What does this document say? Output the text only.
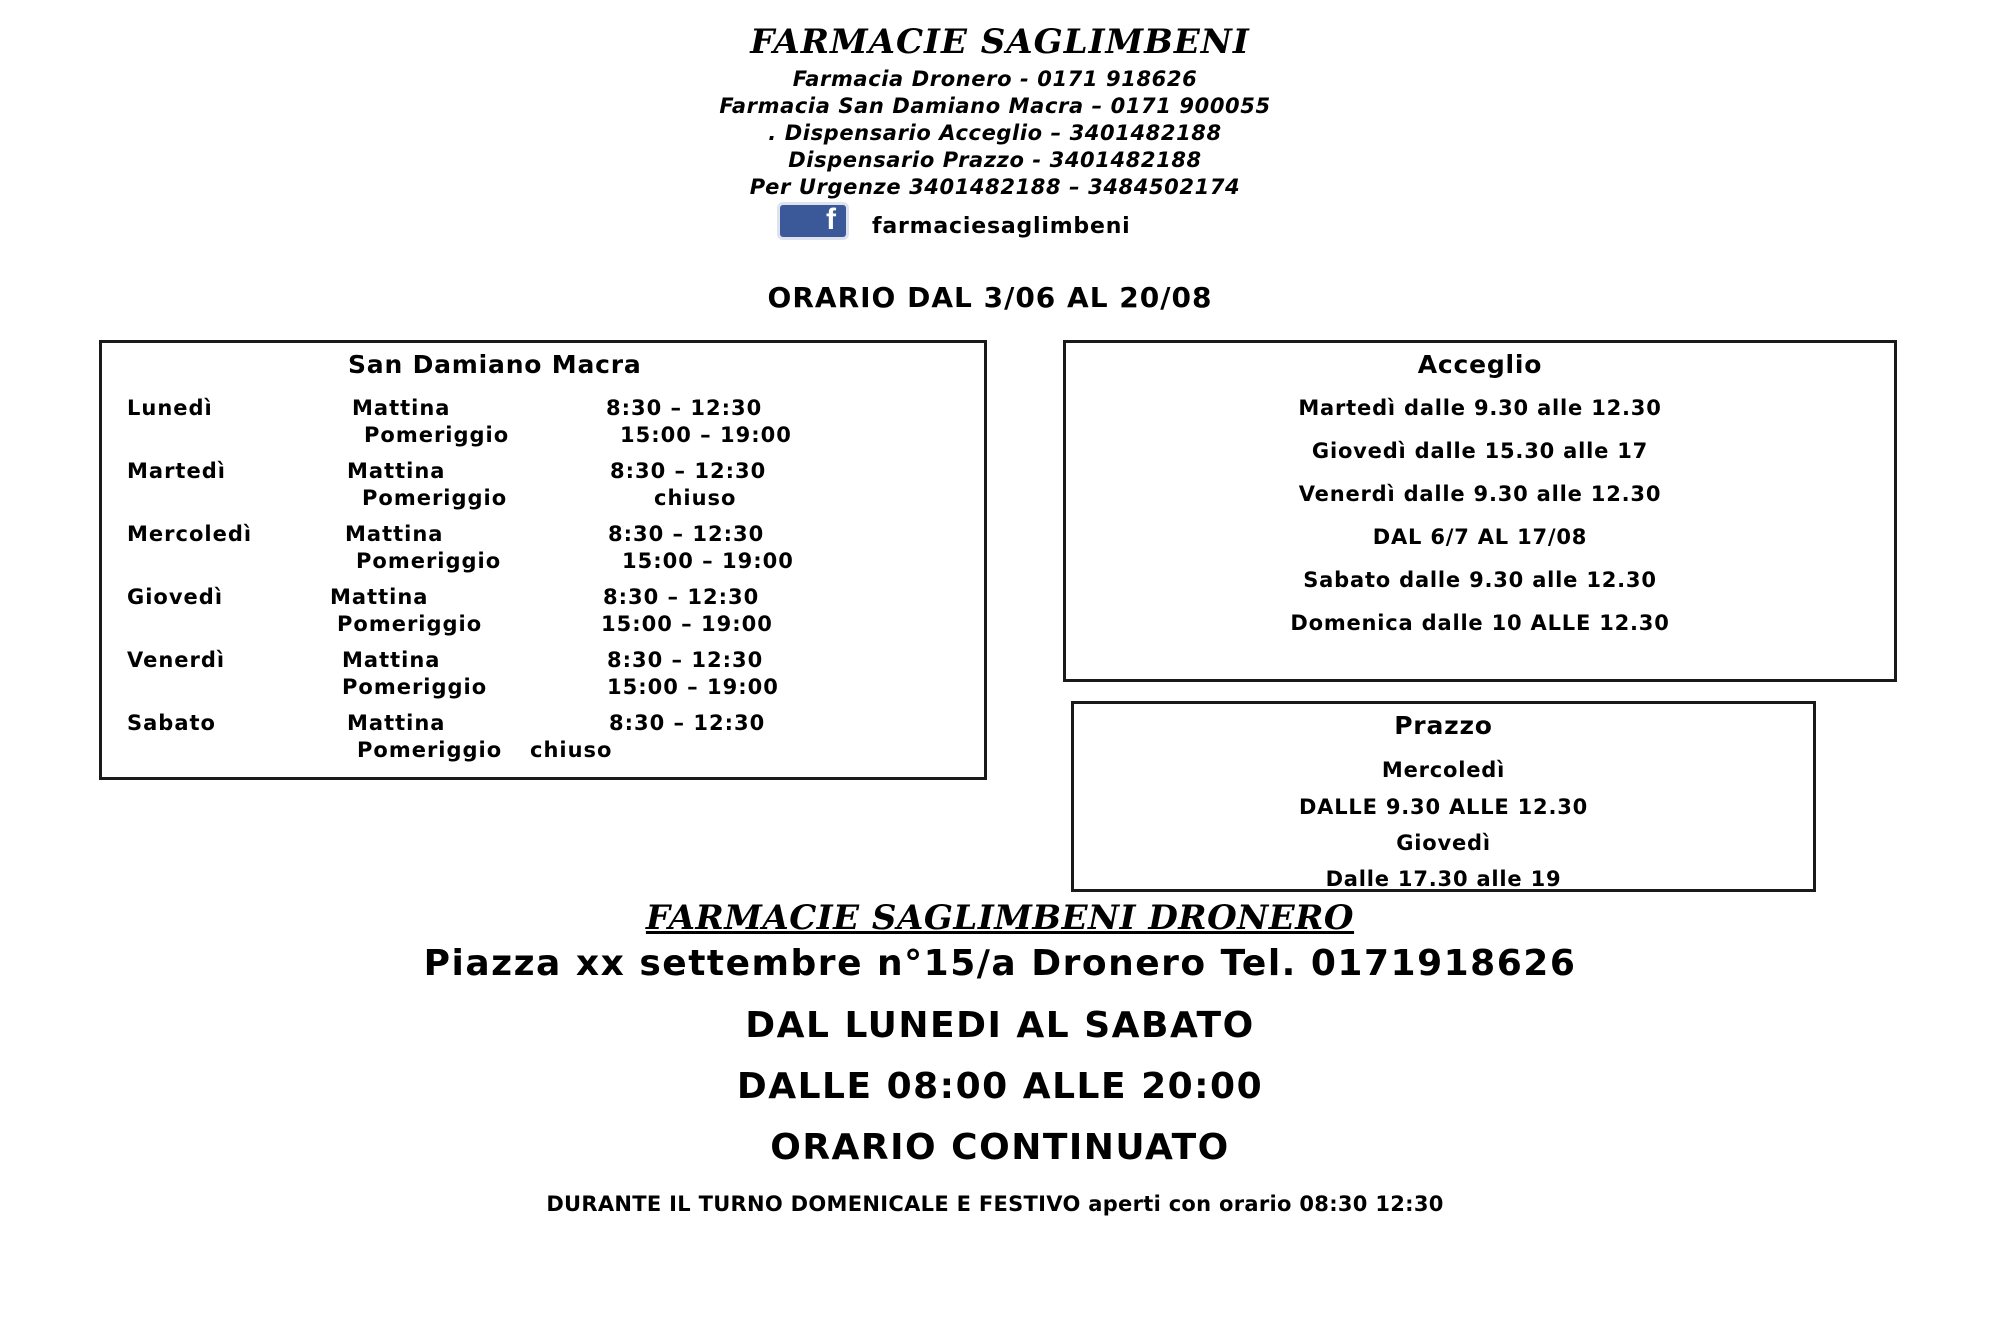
FARMACIE SAGLIMBENI
Farmacia Dronero - 0171 918626
Farmacia San Damiano Macra – 0171 900055
. Dispensario Acceglio – 3401482188
Dispensario Prazzo - 3401482188
Per Urgenze 3401482188 – 3484502174
f farmaciesaglimbeni
ORARIO DAL 3/06 AL 20/08
San Damiano Macra
Lunedì	Mattina	8:30 – 12:30
Pomeriggio	15:00 – 19:00
Martedì	Mattina	8:30 – 12:30
Pomeriggio	chiuso
Mercoledì	Mattina	8:30 – 12:30
Pomeriggio	15:00 – 19:00
Giovedì	Mattina	8:30 – 12:30
Pomeriggio	15:00 – 19:00
Venerdì	Mattina	8:30 – 12:30
Pomeriggio	15:00 – 19:00
Sabato	Mattina	8:30 – 12:30
Pomeriggio chiuso
Acceglio
Martedì dalle 9.30 alle 12.30
Giovedì dalle 15.30 alle 17
Venerdì dalle 9.30 alle 12.30
DAL 6/7 AL 17/08
Sabato dalle 9.30 alle 12.30
Domenica dalle 10 ALLE 12.30
Prazzo
Mercoledì
DALLE 9.30 ALLE 12.30
Giovedì
Dalle 17.30 alle 19
FARMACIE SAGLIMBENI DRONERO
Piazza xx settembre n°15/a Dronero Tel. 0171918626
DAL LUNEDI AL SABATO
DALLE 08:00 ALLE 20:00
ORARIO CONTINUATO
DURANTE IL TURNO DOMENICALE E FESTIVO aperti con orario 08:30 12:30
